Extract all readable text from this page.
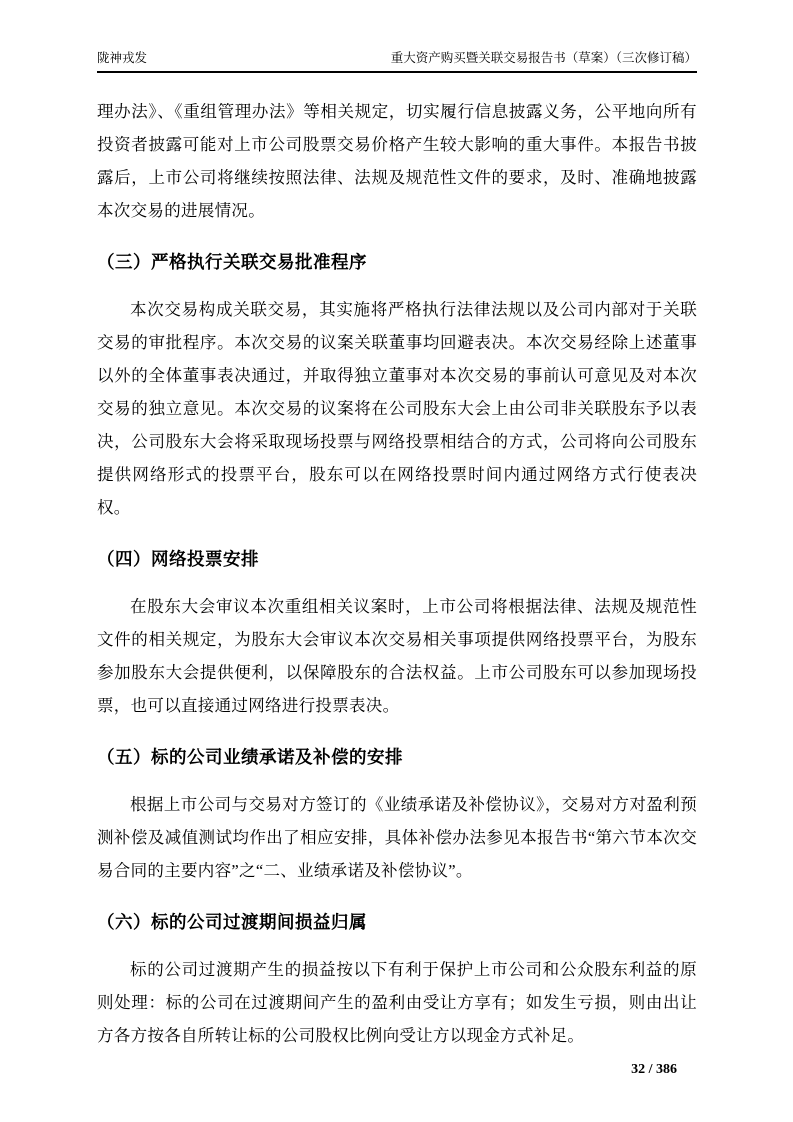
陇神戎发	重大资产购买暨关联交易报告书（草案）（三次修订稿）

理办法》、《重组管理办法》等相关规定，切实履行信息披露义务，公平地向所有投资者披露可能对上市公司股票交易价格产生较大影响的重大事件。本报告书披露后，上市公司将继续按照法律、法规及规范性文件的要求，及时、准确地披露本次交易的进展情况。

（三）严格执行关联交易批准程序

本次交易构成关联交易，其实施将严格执行法律法规以及公司内部对于关联交易的审批程序。本次交易的议案关联董事均回避表决。本次交易经除上述董事以外的全体董事表决通过，并取得独立董事对本次交易的事前认可意见及对本次交易的独立意见。本次交易的议案将在公司股东大会上由公司非关联股东予以表决，公司股东大会将采取现场投票与网络投票相结合的方式，公司将向公司股东提供网络形式的投票平台，股东可以在网络投票时间内通过网络方式行使表决权。

（四）网络投票安排

在股东大会审议本次重组相关议案时，上市公司将根据法律、法规及规范性文件的相关规定，为股东大会审议本次交易相关事项提供网络投票平台，为股东参加股东大会提供便利，以保障股东的合法权益。上市公司股东可以参加现场投票，也可以直接通过网络进行投票表决。

（五）标的公司业绩承诺及补偿的安排

根据上市公司与交易对方签订的《业绩承诺及补偿协议》，交易对方对盈利预测补偿及减值测试均作出了相应安排，具体补偿办法参见本报告书“第六节本次交易合同的主要内容”之“二、业绩承诺及补偿协议”。

（六）标的公司过渡期间损益归属

标的公司过渡期产生的损益按以下有利于保护上市公司和公众股东利益的原则处理：标的公司在过渡期间产生的盈利由受让方享有；如发生亏损，则由出让方各方按各自所转让标的公司股权比例向受让方以现金方式补足。

32 / 386
